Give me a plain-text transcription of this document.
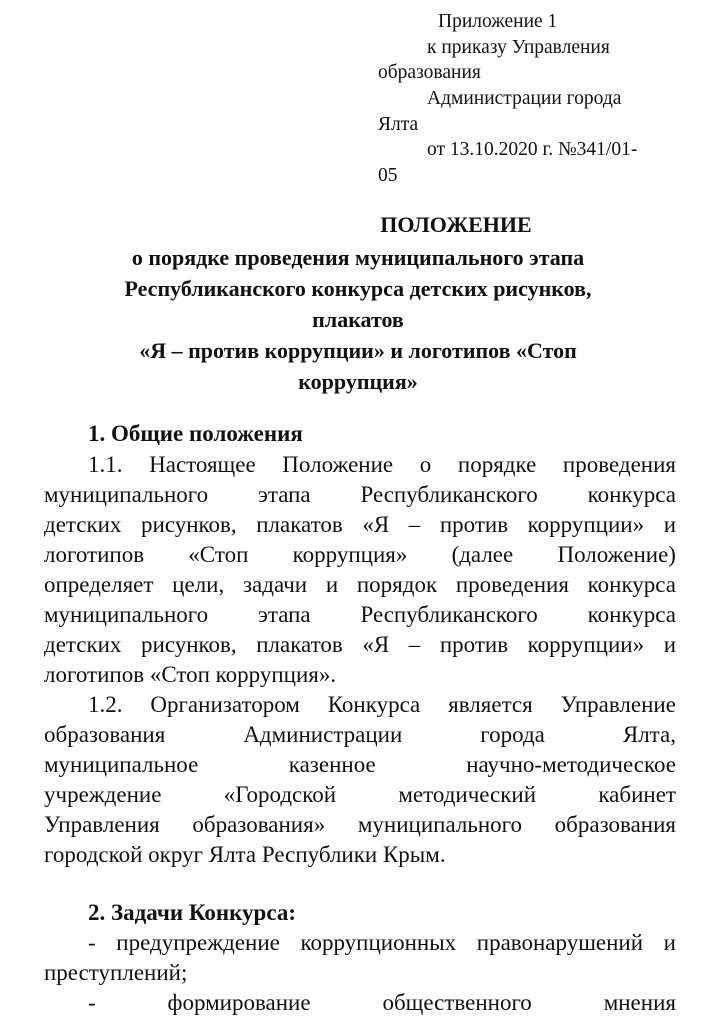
Приложение 1
к приказу Управления
образования
Администрации города
Ялта
от 13.10.2020 г. №341/01-
05
ПОЛОЖЕНИЕ
о порядке проведения муниципального этапа
Республиканского конкурса детских рисунков,
плакатов
«Я – против коррупции» и логотипов «Стоп
коррупция»
1. Общие положения
1.1. Настоящее Положение о порядке проведения
муниципального этапа Республиканского конкурса
детских рисунков, плакатов «Я – против коррупции» и
логотипов «Стоп коррупция» (далее Положение)
определяет цели, задачи и порядок проведения конкурса
муниципального этапа Республиканского конкурса
детских рисунков, плакатов «Я – против коррупции» и
логотипов «Стоп коррупция».
1.2. Организатором Конкурса является Управление
образования	Администрации	города	Ялта,
муниципальное	казенное	научно-методическое
учреждение	«Городской	методический	кабинет
Управления образования» муниципального образования
городской округ Ялта Республики Крым.
2. Задачи Конкурса:
- предупреждение коррупционных правонарушений и
преступлений;
-	формирование	общественного	мнения
